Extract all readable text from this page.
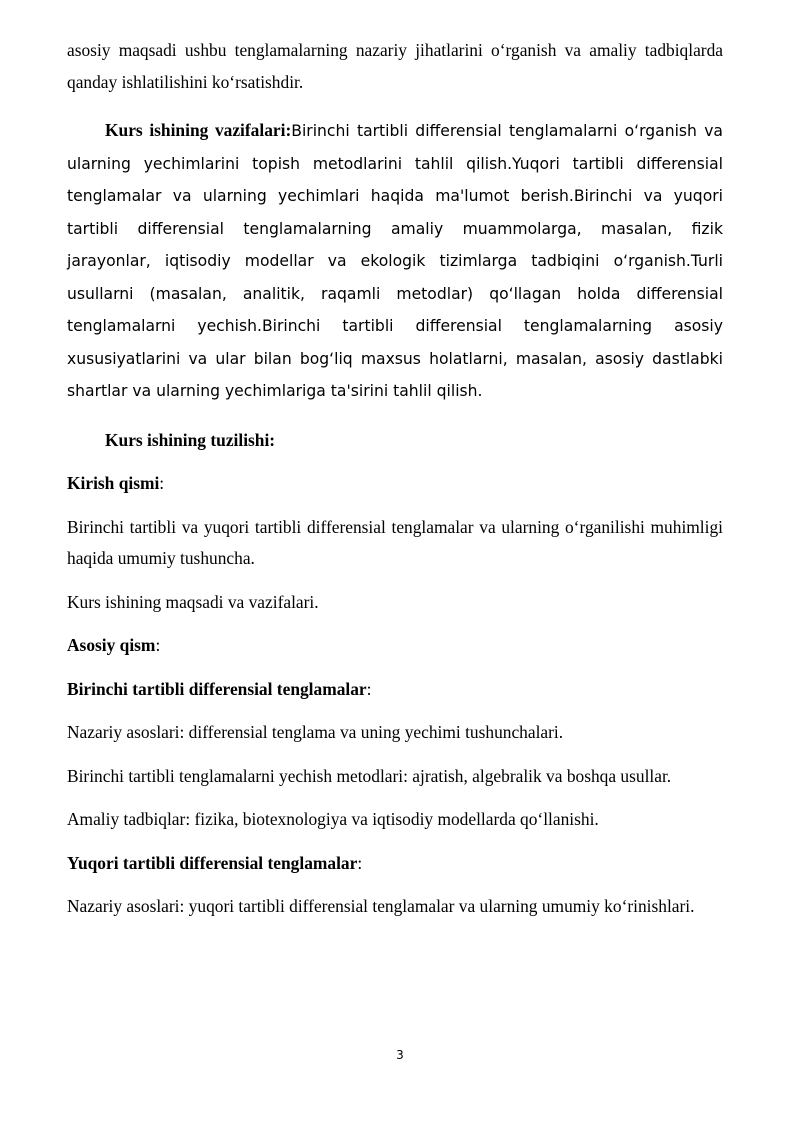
asosiy maqsadi ushbu tenglamalarning nazariy jihatlarini o‘rganish va amaliy tadbiqlarda qanday ishlatilishini ko‘rsatishdir.

Kurs ishining vazifalari:Birinchi tartibli differensial tenglamalarni o‘rganish va ularning yechimlarini topish metodlarini tahlil qilish.Yuqori tartibli differensial tenglamalar va ularning yechimlari haqida ma'lumot berish.Birinchi va yuqori tartibli differensial tenglamalarning amaliy muammolarga, masalan, fizik jarayonlar, iqtisodiy modellar va ekologik tizimlarga tadbiqini o‘rganish.Turli usullarni (masalan, analitik, raqamli metodlar) qo‘llagan holda differensial tenglamalarni yechish.Birinchi tartibli differensial tenglamalarning asosiy xususiyatlarini va ular bilan bog‘liq maxsus holatlarni, masalan, asosiy dastlabki shartlar va ularning yechimlariga ta'sirini tahlil qilish.

Kurs ishining tuzilishi:

Kirish qismi:

Birinchi tartibli va yuqori tartibli differensial tenglamalar va ularning o‘rganilishi muhimligi haqida umumiy tushuncha.

Kurs ishining maqsadi va vazifalari.

Asosiy qism:

Birinchi tartibli differensial tenglamalar:

Nazariy asoslari: differensial tenglama va uning yechimi tushunchalari.

Birinchi tartibli tenglamalarni yechish metodlari: ajratish, algebralik va boshqa usullar.

Amaliy tadbiqlar: fizika, biotexnologiya va iqtisodiy modellarda qo‘llanishi.

Yuqori tartibli differensial tenglamalar:

Nazariy asoslari: yuqori tartibli differensial tenglamalar va ularning umumiy ko‘rinishlari.

3
